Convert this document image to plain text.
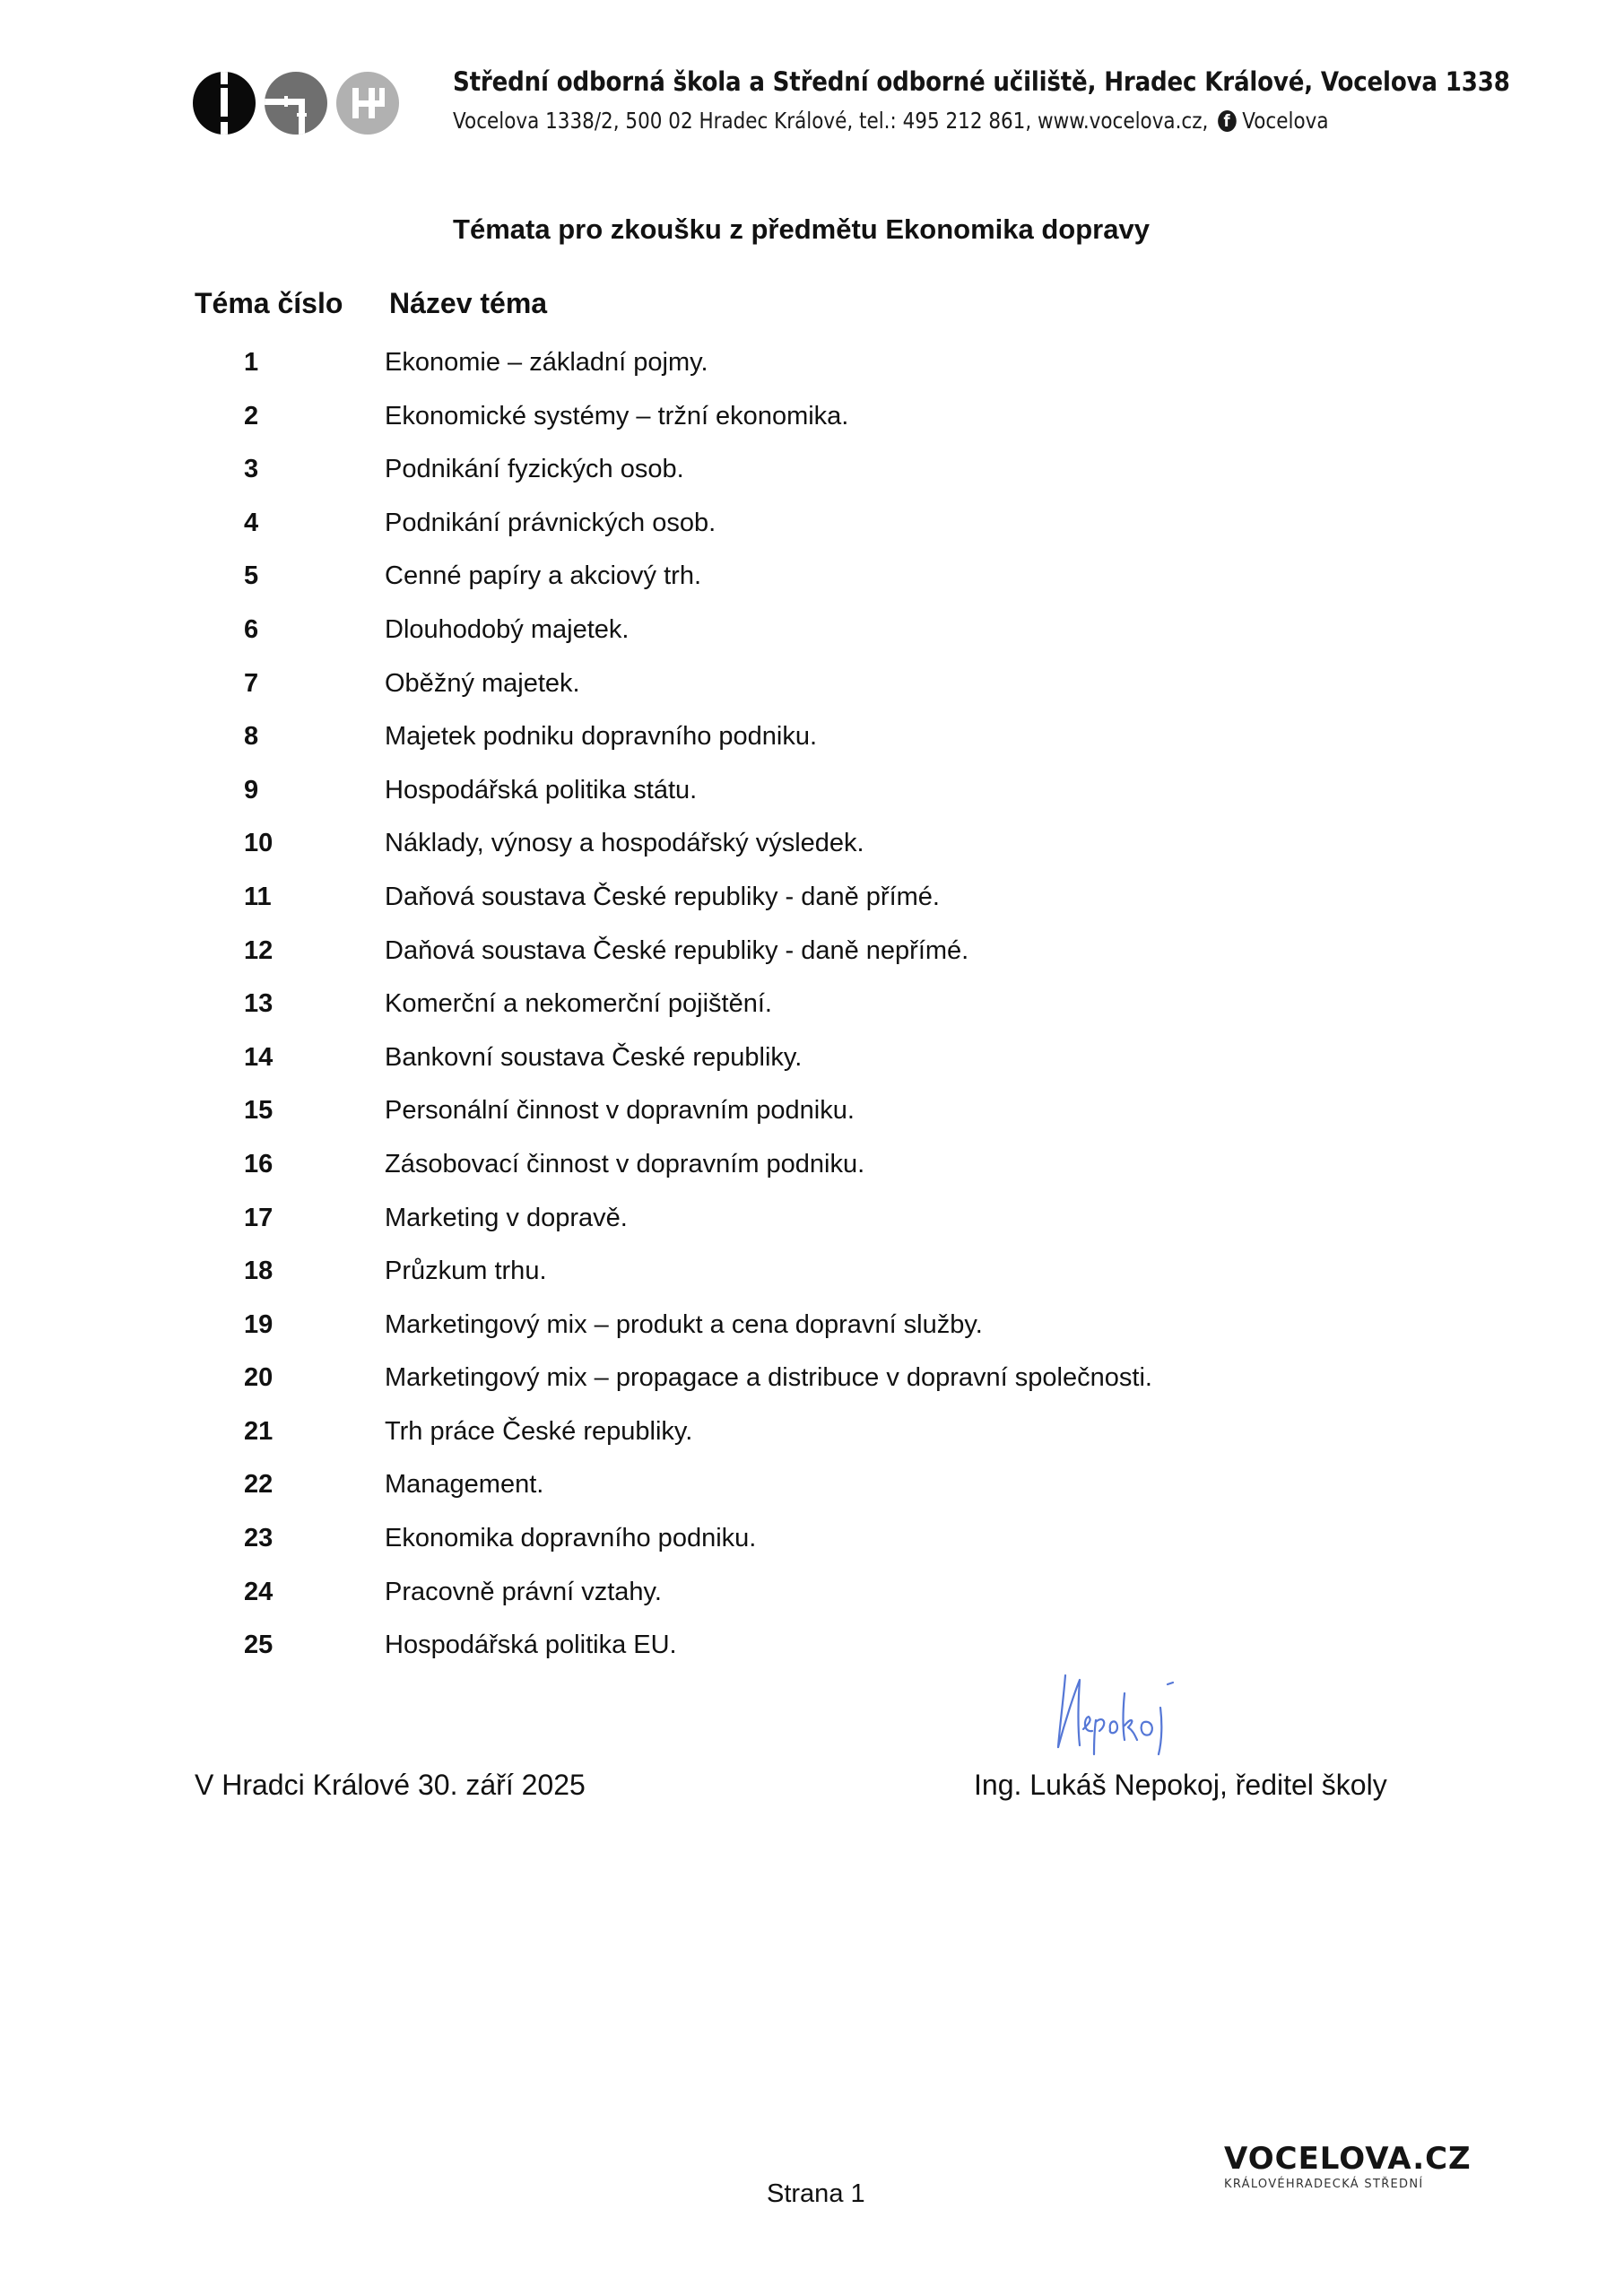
Střední odborná škola a Střední odborné učiliště, Hradec Králové, Vocelova 1338
Vocelova 1338/2, 500 02 Hradec Králové, tel.: 495 212 861, www.vocelova.cz, f Vocelova
Témata pro zkoušku z předmětu Ekonomika dopravy
Téma číslo Název téma
1	Ekonomie – základní pojmy.
2	Ekonomické systémy – tržní ekonomika.
3	Podnikání fyzických osob.
4	Podnikání právnických osob.
5	Cenné papíry a akciový trh.
6	Dlouhodobý majetek.
7	Oběžný majetek.
8	Majetek podniku dopravního podniku.
9	Hospodářská politika státu.
10	Náklady, výnosy a hospodářský výsledek.
11	Daňová soustava České republiky - daně přímé.
12	Daňová soustava České republiky - daně nepřímé.
13	Komerční a nekomerční pojištění.
14	Bankovní soustava České republiky.
15	Personální činnost v dopravním podniku.
16	Zásobovací činnost v dopravním podniku.
17	Marketing v dopravě.
18	Průzkum trhu.
19	Marketingový mix – produkt a cena dopravní služby.
20	Marketingový mix – propagace a distribuce v dopravní společnosti.
21	Trh práce České republiky.
22	Management.
23	Ekonomika dopravního podniku.
24	Pracovně právní vztahy.
25	Hospodářská politika EU.
V Hradci Králové 30. září 2025	Ing. Lukáš Nepokoj, ředitel školy
Strana 1
VOCELOVA.CZ
KRÁLOVÉHRADECKÁ STŘEDNÍ
